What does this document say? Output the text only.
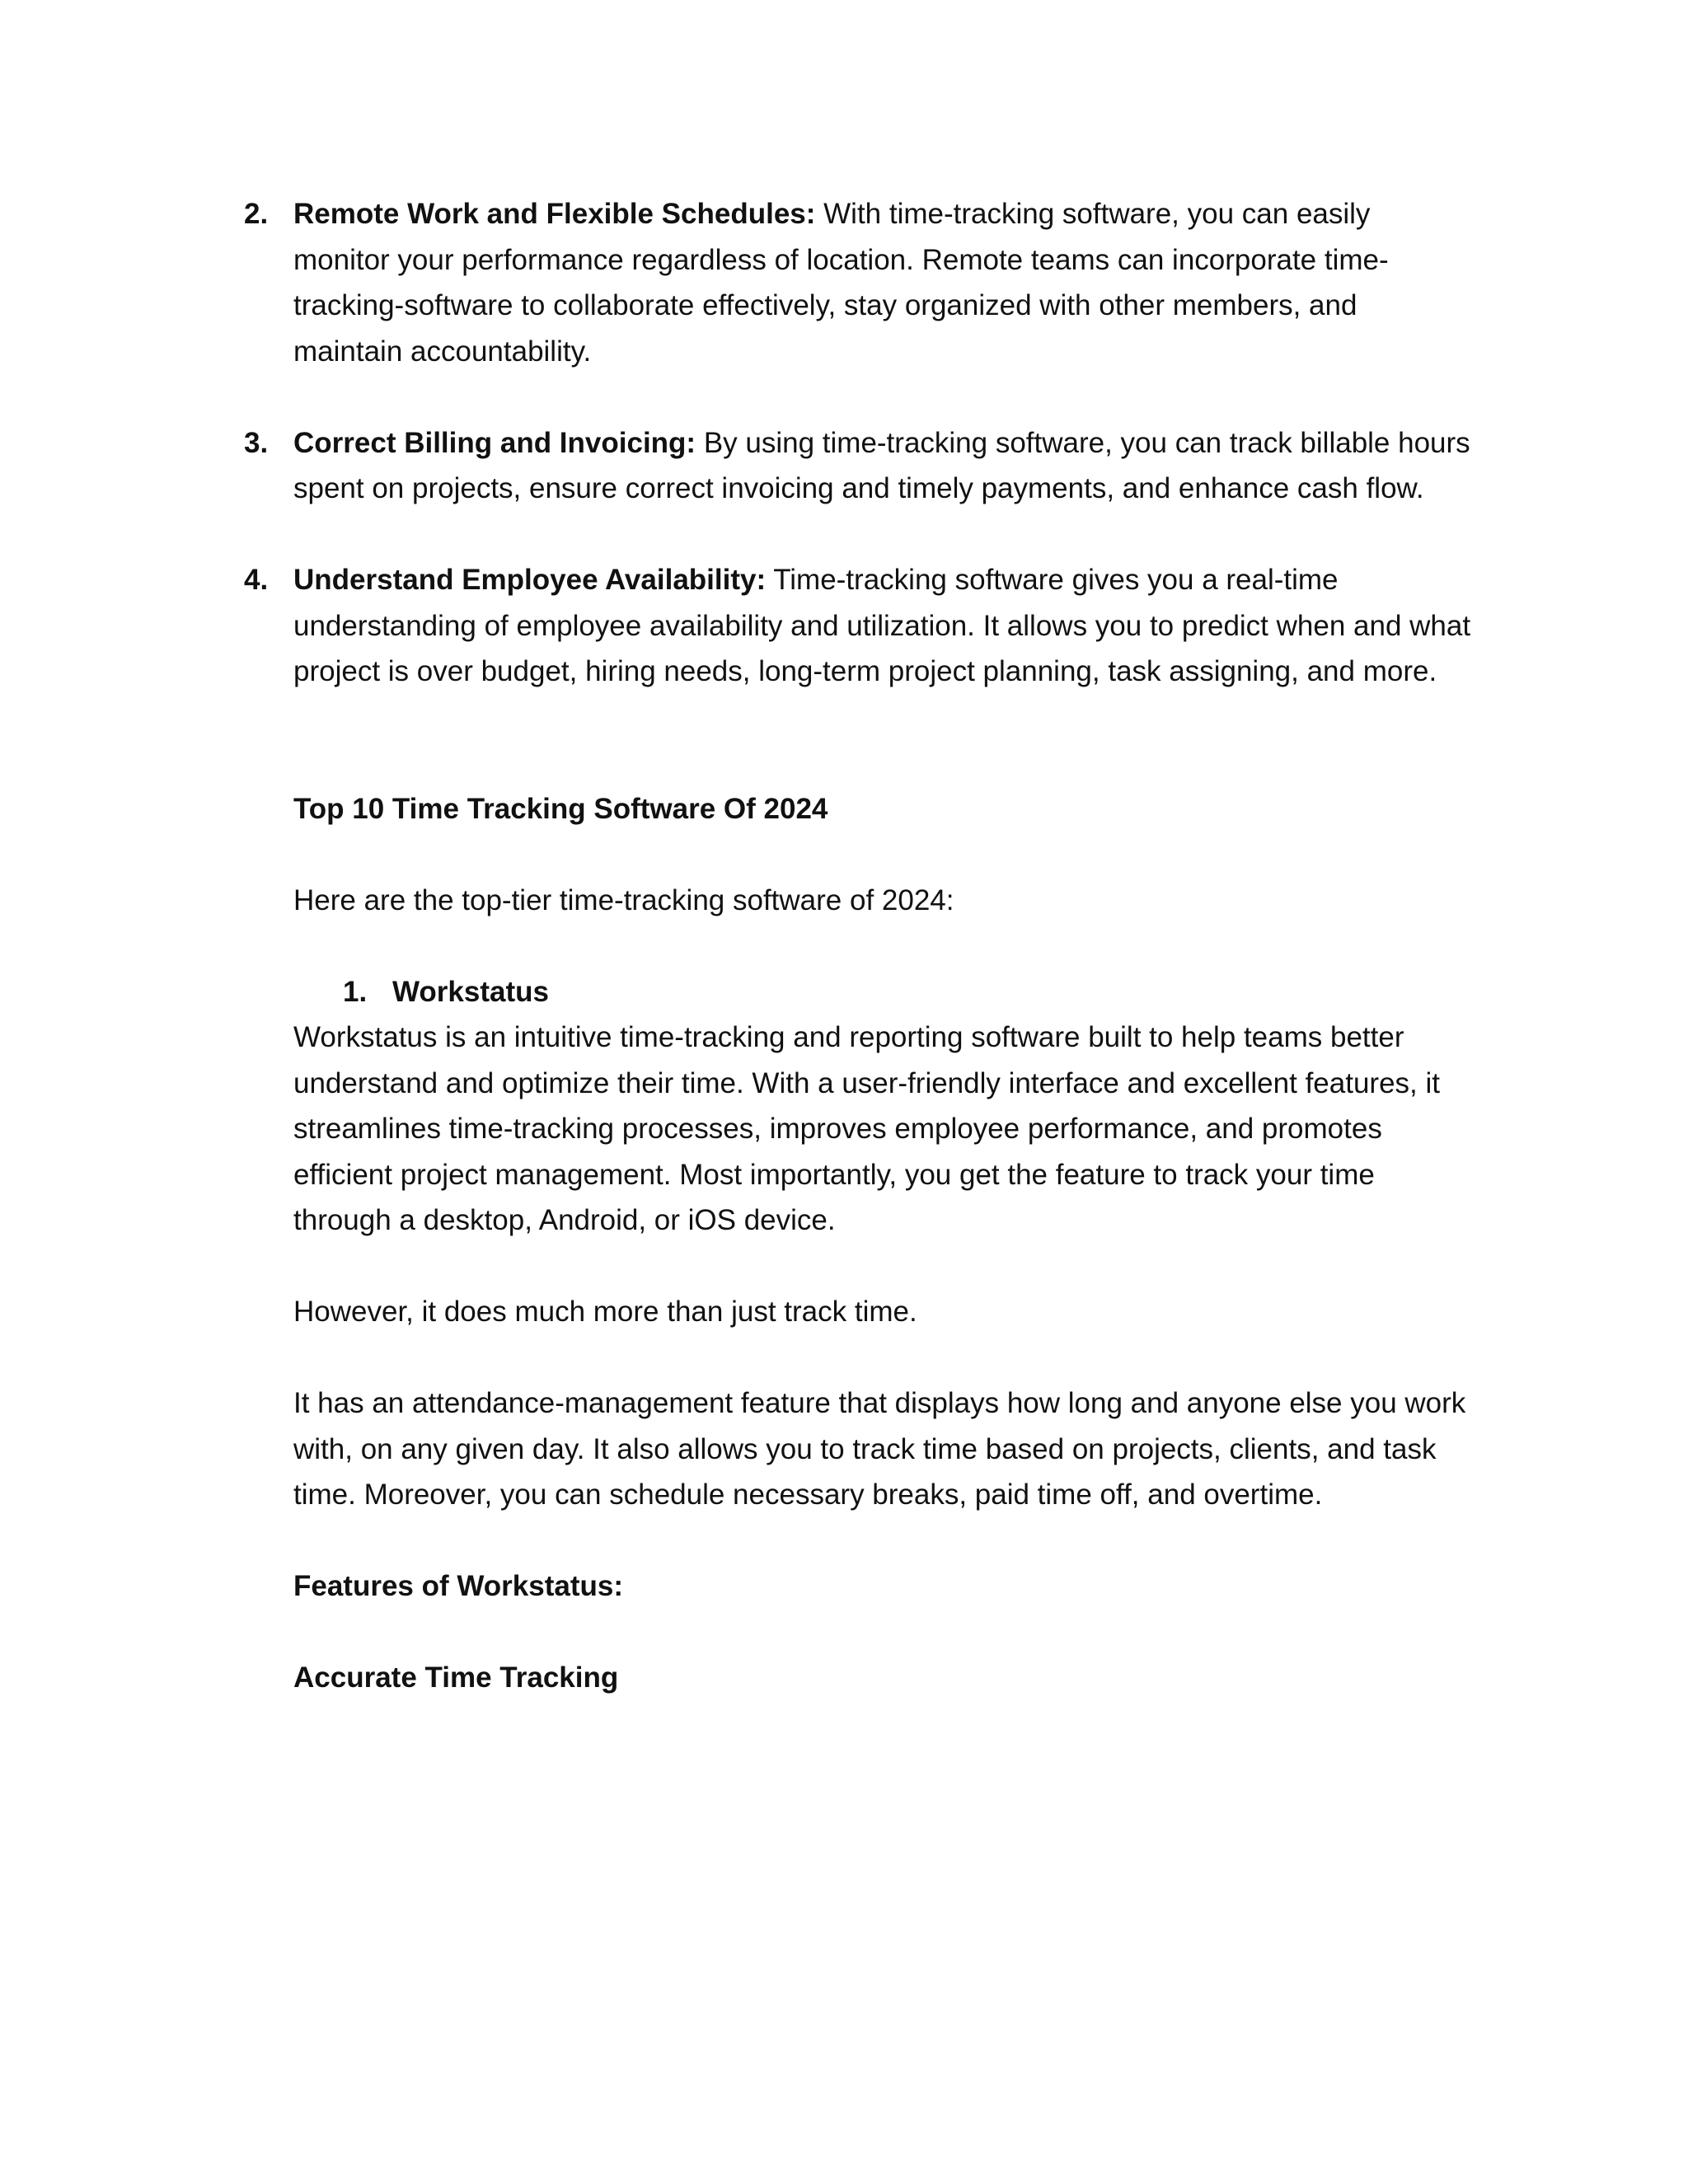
2. Remote Work and Flexible Schedules: With time-tracking software, you can easily monitor your performance regardless of location. Remote teams can incorporate time-tracking-software to collaborate effectively, stay organized with other members, and maintain accountability.
3. Correct Billing and Invoicing: By using time-tracking software, you can track billable hours spent on projects, ensure correct invoicing and timely payments, and enhance cash flow.
4. Understand Employee Availability: Time-tracking software gives you a real-time understanding of employee availability and utilization. It allows you to predict when and what project is over budget, hiring needs, long-term project planning, task assigning, and more.
Top 10 Time Tracking Software Of 2024
Here are the top-tier time-tracking software of 2024:
1. Workstatus
Workstatus is an intuitive time-tracking and reporting software built to help teams better understand and optimize their time. With a user-friendly interface and excellent features, it streamlines time-tracking processes, improves employee performance, and promotes efficient project management. Most importantly, you get the feature to track your time through a desktop, Android, or iOS device.
However, it does much more than just track time.
It has an attendance-management feature that displays how long and anyone else you work with, on any given day. It also allows you to track time based on projects, clients, and task time. Moreover, you can schedule necessary breaks, paid time off, and overtime.
Features of Workstatus:
Accurate Time Tracking
